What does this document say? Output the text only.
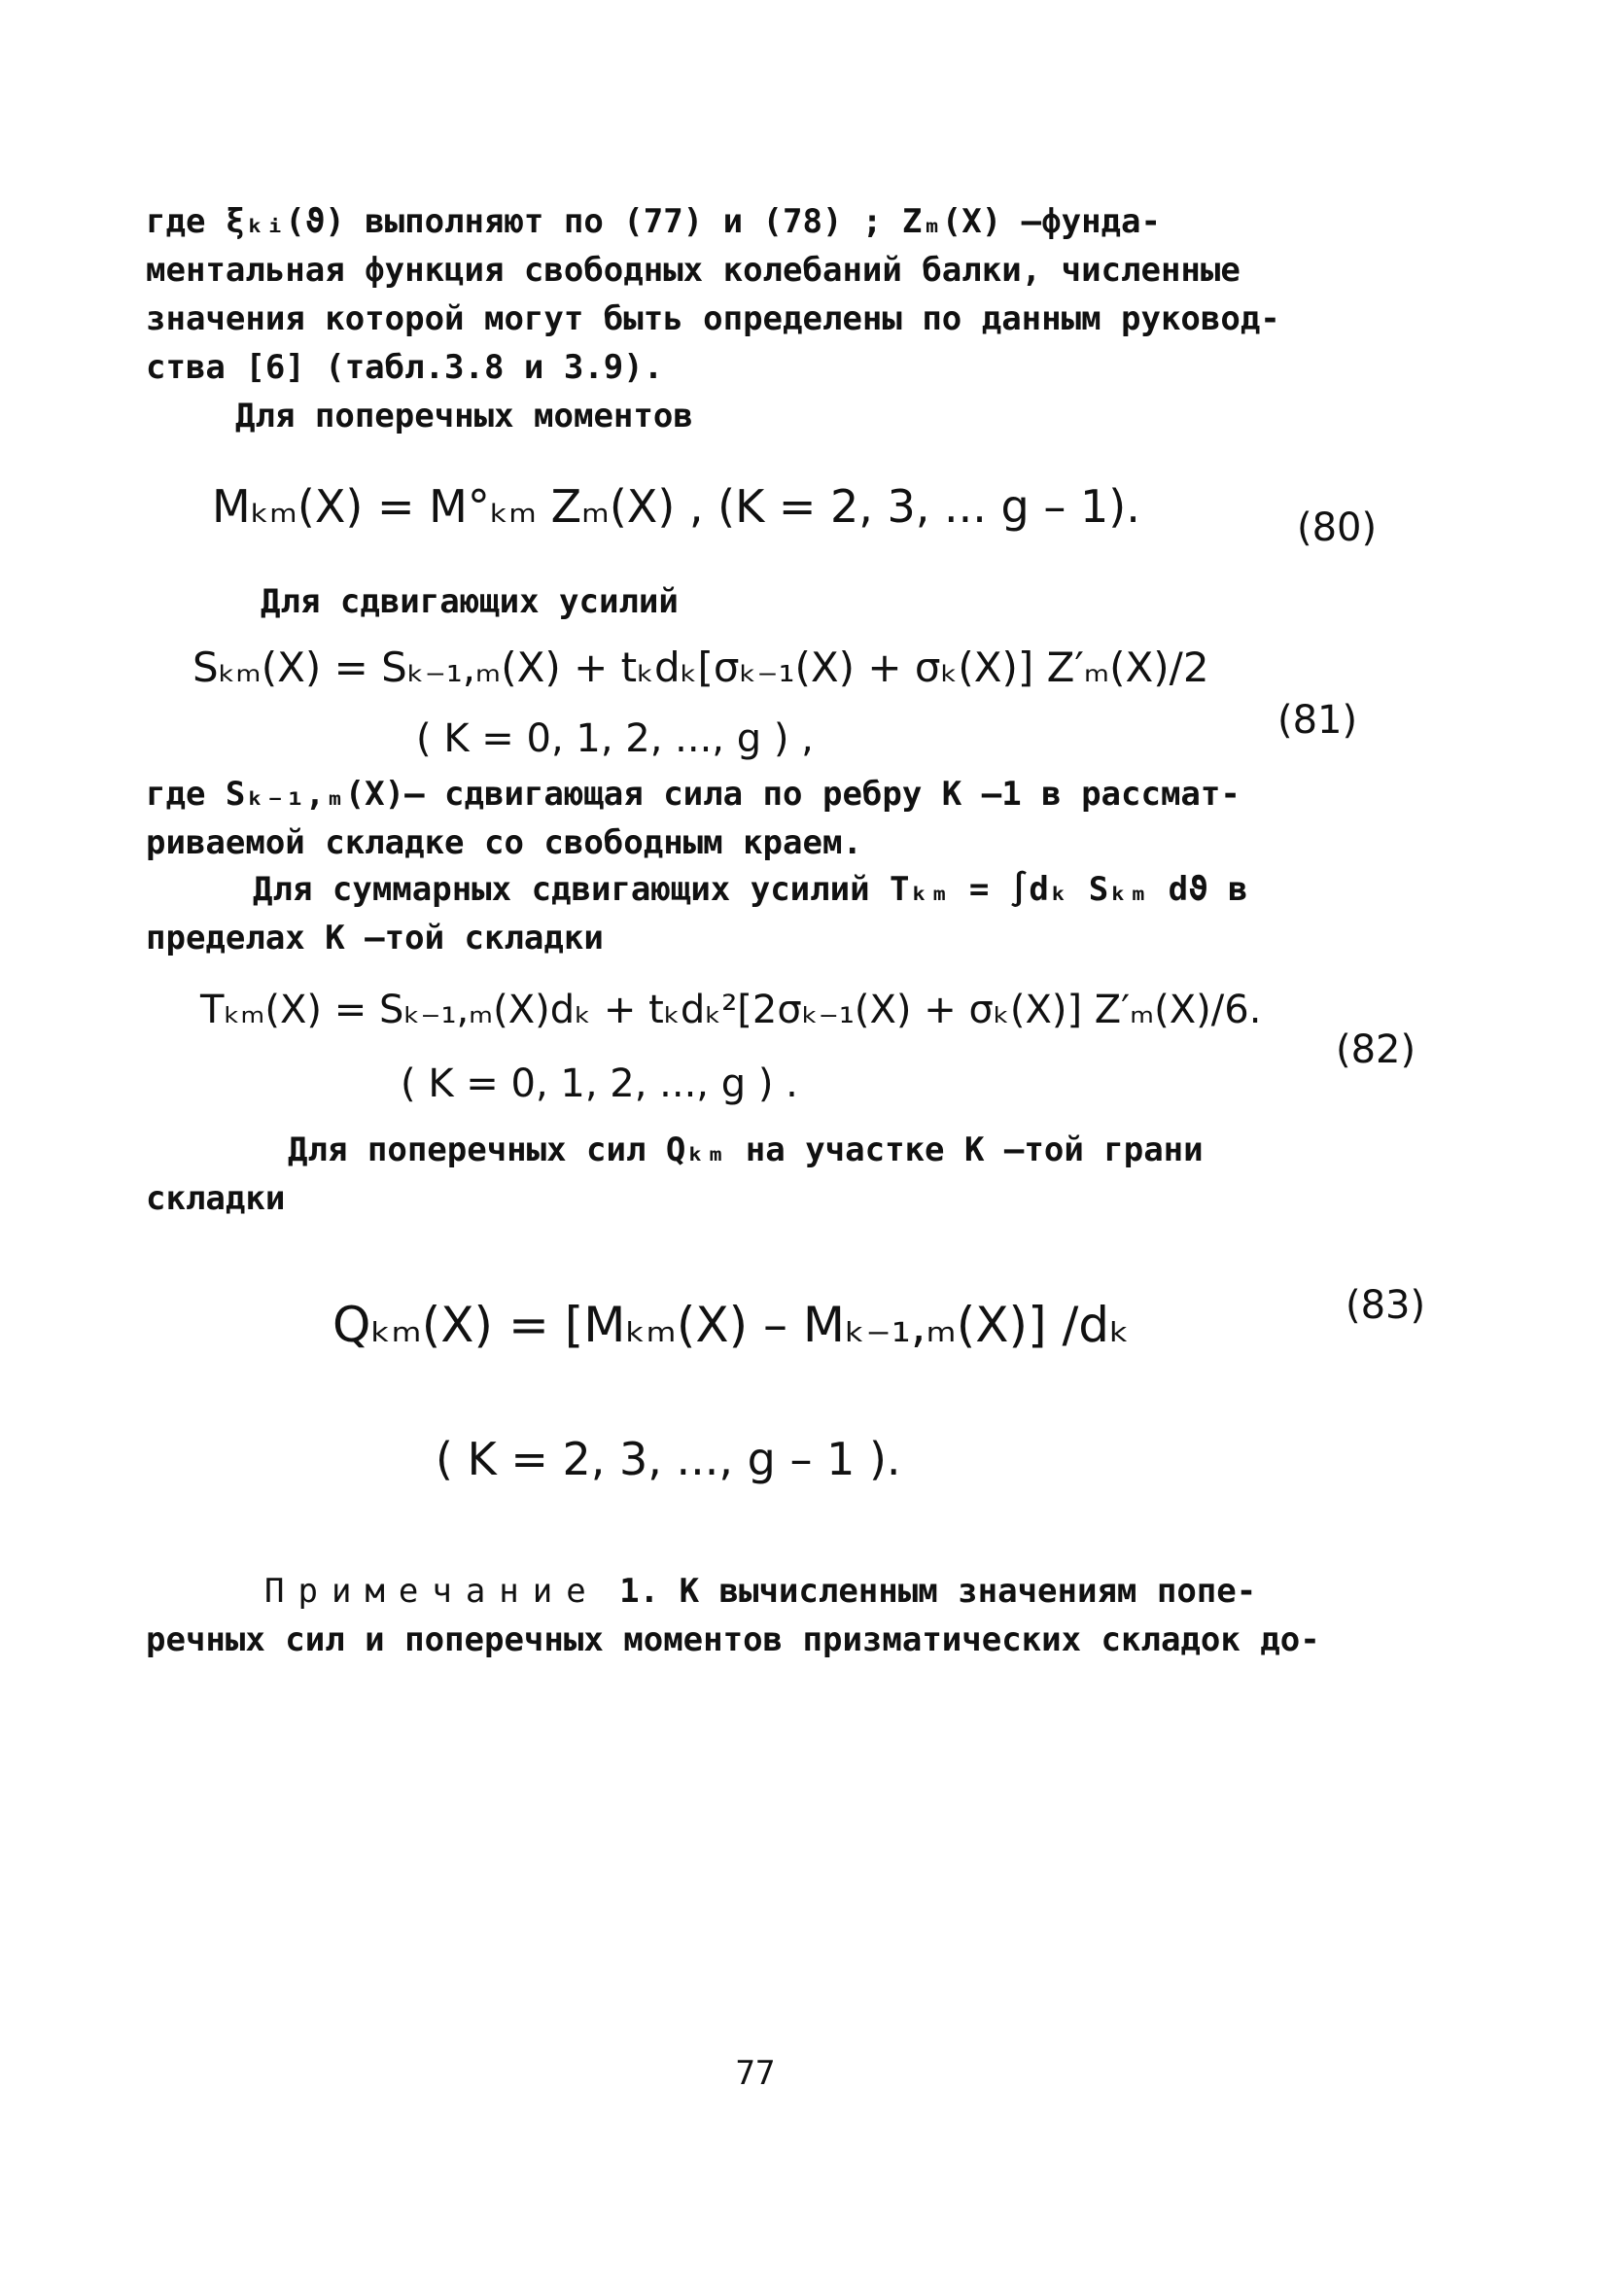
где ξₖᵢ(ϑ) выполняют по (77) и (78) ; Zₘ(X) –фунда-

ментальная функция свободных колебаний балки, численные

значения которой могут быть определены по данным руковод-

ства [6] (табл.3.8 и 3.9).

Для поперечных моментов

Mₖₘ(X) = M°ₖₘ Zₘ(X) , (K = 2, 3, ... g – 1).	(80)

Для сдвигающих усилий

Sₖₘ(X) = Sₖ₋₁,ₘ(X) + tₖdₖ[σₖ₋₁(X) + σₖ(X)] Z′ₘ(X)/2

( K = 0, 1, 2, ..., g ) ,	(81)

где Sₖ₋₁,ₘ(X)– сдвигающая сила по ребру K –1 в рассмат-

риваемой складке со свободным краем.

Для суммарных сдвигающих усилий Tₖₘ = ∫dₖ Sₖₘ dϑ в

пределах K –той складки

Tₖₘ(X) = Sₖ₋₁,ₘ(X)dₖ + tₖdₖ²[2σₖ₋₁(X) + σₖ(X)] Z′ₘ(X)/6.

( K = 0, 1, 2, ..., g ) .

(82)

Для поперечных сил Qₖₘ на участке K –той грани

складки

Qₖₘ(X) = [Mₖₘ(X) – Mₖ₋₁,ₘ(X)] /dₖ	(83)

( K = 2, 3, ..., g – 1 ).

Примечание 1. К вычисленным значениям попе-

речных сил и поперечных моментов призматических складок до-

77
